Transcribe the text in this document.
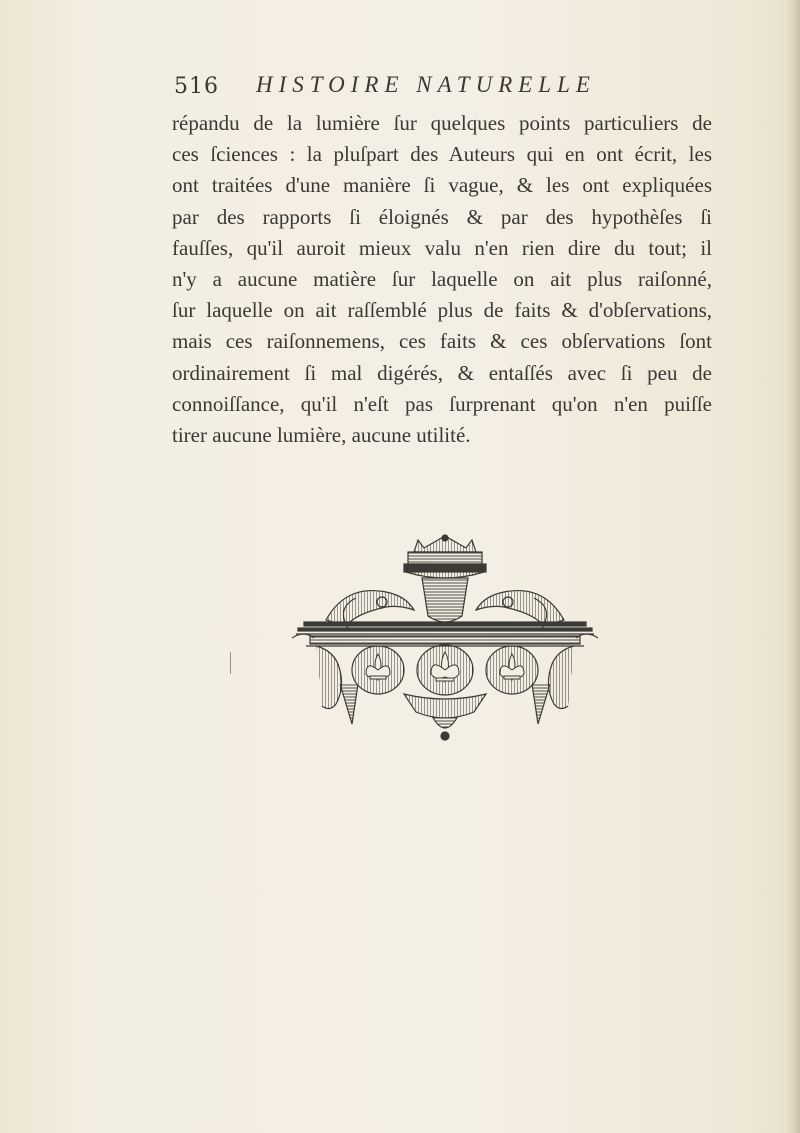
516 HISTOIRE NATURELLE
répandu de la lumière ſur quelques points particuliers de
ces ſciences : la pluſpart des Auteurs qui en ont écrit, les
ont traitées d'une manière ſi vague, & les ont expliquées
par des rapports ſi éloignés & par des hypothèſes ſi
fauſſes, qu'il auroit mieux valu n'en rien dire du tout; il
n'y a aucune matière ſur laquelle on ait plus raiſonné,
ſur laquelle on ait raſſemblé plus de faits & d'obſervations,
mais ces raiſonnemens, ces faits & ces obſervations ſont
ordinairement ſi mal digérés, & entaſſés avec ſi peu de
connoiſſance, qu'il n'eſt pas ſurprenant qu'on n'en puiſſe
tirer aucune lumière, aucune utilité.
